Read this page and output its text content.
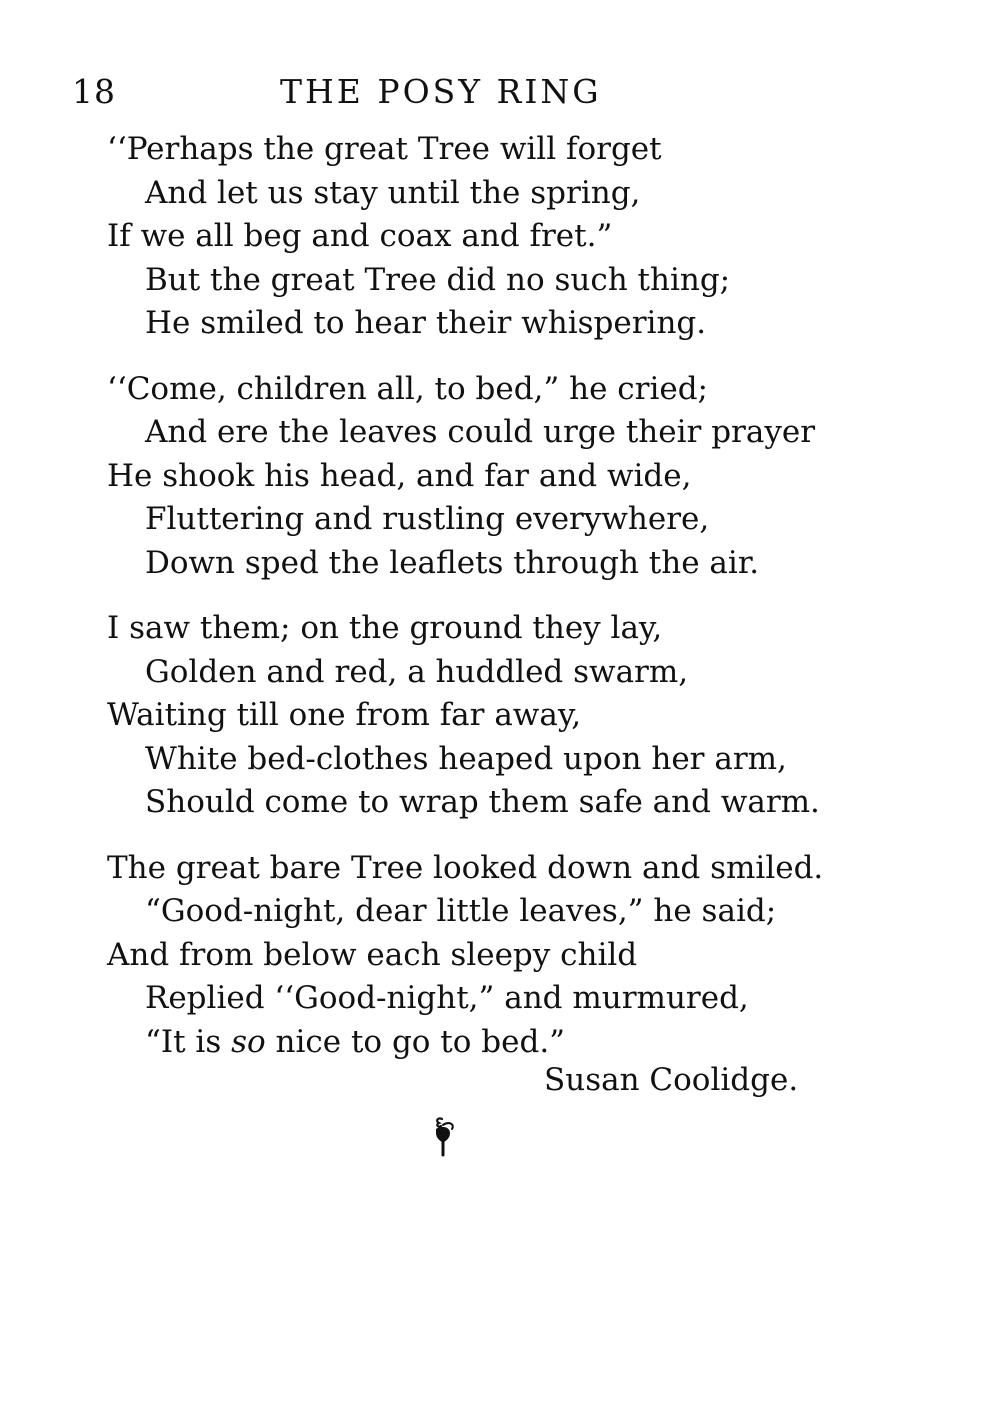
18	THE POSY RING
‘‘Perhaps the great Tree will forget
And let us stay until the spring,
If we all beg and coax and fret.”
But the great Tree did no such thing;
He smiled to hear their whispering.
‘‘Come, children all, to bed,” he cried;
And ere the leaves could urge their prayer
He shook his head, and far and wide,
Fluttering and rustling everywhere,
Down sped the leaflets through the air.
I saw them; on the ground they lay,
Golden and red, a huddled swarm,
Waiting till one from far away,
White bed-clothes heaped upon her arm,
Should come to wrap them safe and warm.
The great bare Tree looked down and smiled.
“Good-night, dear little leaves,” he said;
And from below each sleepy child
Replied ‘‘Good-night,” and murmured,
“It is so nice to go to bed.”
Susan Coolidge.
